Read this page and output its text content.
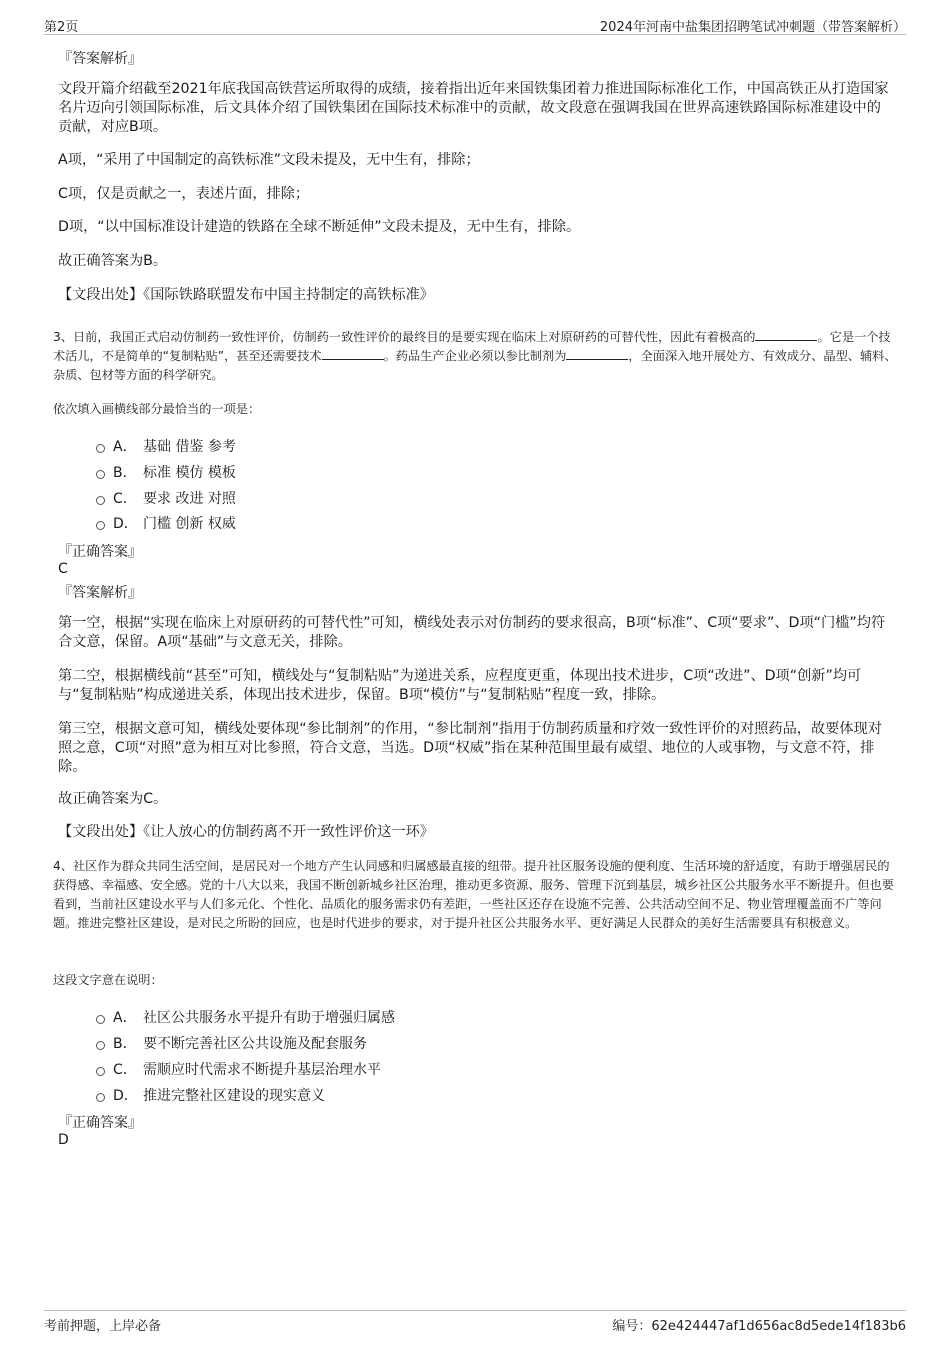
第2页	2024年河南中盐集团招聘笔试冲刺题（带答案解析）

『答案解析』

文段开篇介绍截至2021年底我国高铁营运所取得的成绩，接着指出近年来国铁集团着力推进国际标准化工作，中国高铁正从打造国家名片迈向引领国际标准，后文具体介绍了国铁集团在国际技术标准中的贡献，故文段意在强调我国在世界高速铁路国际标准建设中的贡献，对应B项。

A项，“采用了中国制定的高铁标准”文段未提及，无中生有，排除；

C项，仅是贡献之一，表述片面，排除；

D项，“以中国标准设计建造的铁路在全球不断延伸”文段未提及，无中生有，排除。

故正确答案为B。

【文段出处】《国际铁路联盟发布中国主持制定的高铁标准》

3、日前，我国正式启动仿制药一致性评价，仿制药一致性评价的最终目的是要实现在临床上对原研药的可替代性，因此有着极高的	。它是一个技术活儿，不是简单的“复制粘贴”，甚至还需要技术	。药品生产企业必须以参比制剂为	，全面深入地开展处方、有效成分、晶型、辅料、杂质、包材等方面的科学研究。

依次填入画横线部分最恰当的一项是：

A． 基础 借鉴 参考
B． 标准 模仿 模板
C． 要求 改进 对照
D． 门槛 创新 权威

『正确答案』

C

『答案解析』

第一空，根据“实现在临床上对原研药的可替代性”可知，横线处表示对仿制药的要求很高，B项“标准”、C项“要求”、D项“门槛”均符合文意，保留。A项“基础”与文意无关，排除。

第二空，根据横线前“甚至”可知，横线处与“复制粘贴”为递进关系，应程度更重，体现出技术进步，C项“改进”、D项“创新”均可与“复制粘贴”构成递进关系，体现出技术进步，保留。B项“模仿”与“复制粘贴”程度一致，排除。

第三空，根据文意可知，横线处要体现“参比制剂”的作用，“参比制剂”指用于仿制药质量和疗效一致性评价的对照药品，故要体现对照之意，C项“对照”意为相互对比参照，符合文意，当选。D项“权威”指在某种范围里最有威望、地位的人或事物，与文意不符，排除。

故正确答案为C。

【文段出处】《让人放心的仿制药离不开一致性评价这一环》

4、社区作为群众共同生活空间，是居民对一个地方产生认同感和归属感最直接的纽带。提升社区服务设施的便利度、生活环境的舒适度，有助于增强居民的获得感、幸福感、安全感。党的十八大以来，我国不断创新城乡社区治理，推动更多资源、服务、管理下沉到基层，城乡社区公共服务水平不断提升。但也要看到，当前社区建设水平与人们多元化、个性化、品质化的服务需求仍有差距，一些社区还存在设施不完善、公共活动空间不足、物业管理覆盖面不广等问题。推进完整社区建设，是对民之所盼的回应，也是时代进步的要求，对于提升社区公共服务水平、更好满足人民群众的美好生活需要具有积极意义。

这段文字意在说明：

A． 社区公共服务水平提升有助于增强归属感
B． 要不断完善社区公共设施及配套服务
C． 需顺应时代需求不断提升基层治理水平
D． 推进完整社区建设的现实意义

『正确答案』

D

考前押题，上岸必备	编号：62e424447af1d656ac8d5ede14f183b6
